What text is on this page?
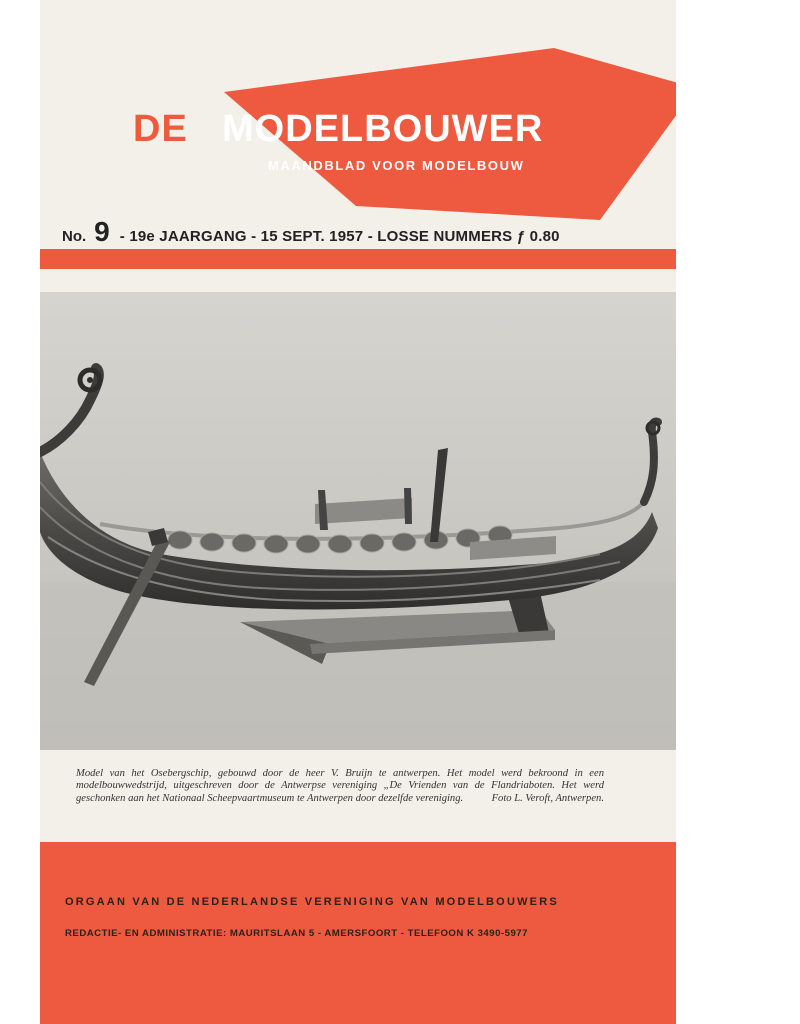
DE MODELBOUWER
MAANDBLAD VOOR MODELBOUW
No. 9 - 19e JAARGANG - 15 SEPT. 1957 - LOSSE NUMMERS ƒ 0.80
Model van het Osebergschip, gebouwd door de heer V. Bruijn te antwerpen. Het model werd bekroond in een modelbouwwedstrijd, uitgeschreven door de Antwerpse vereniging „De Vrienden van de Flandriaboten. Het werd geschonken aan het Nationaal Scheepvaartmuseum te Antwerpen door dezelfde vereniging.	Foto L. Veroft, Antwerpen.
ORGAAN VAN DE NEDERLANDSE VERENIGING VAN MODELBOUWERS
REDACTIE- EN ADMINISTRATIE: MAURITSLAAN 5 - AMERSFOORT - TELEFOON K 3490-5977
